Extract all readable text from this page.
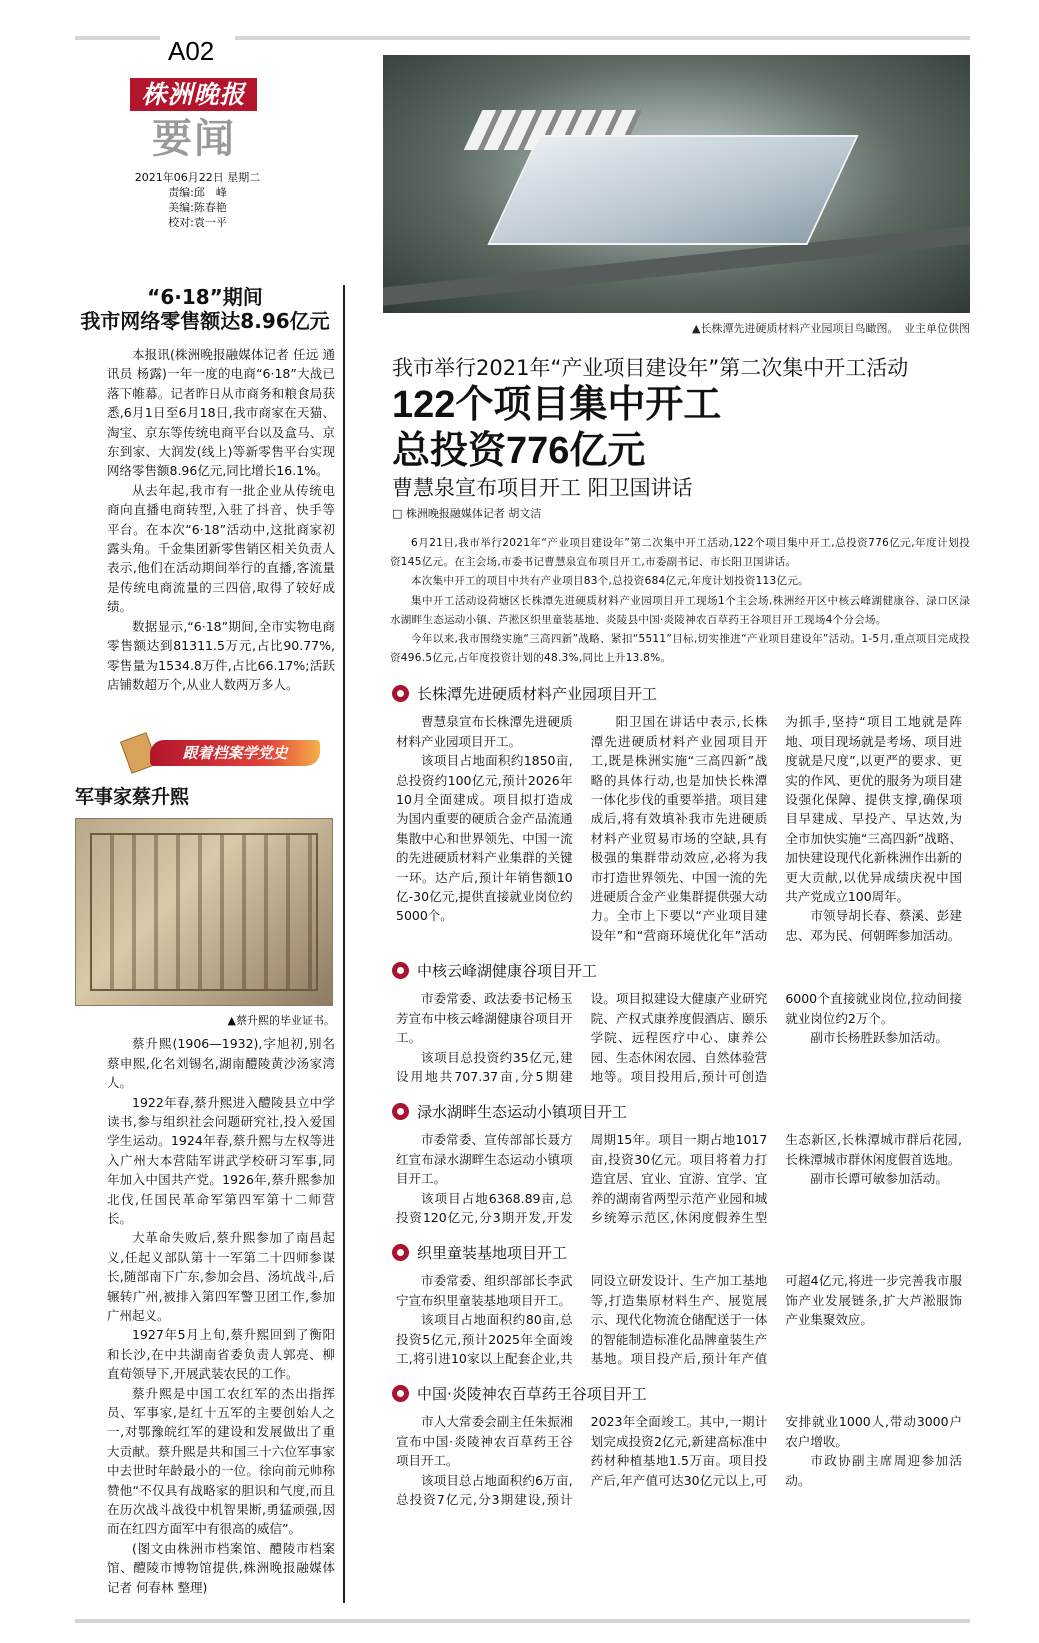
A02
株洲晚报
要闻
2021年06月22日 星期二
责编:邱　峰
美编:陈春艳
校对:袁一平
“6·18”期间
我市网络零售额达8.96亿元

本报讯(株洲晚报融媒体记者 任远 通讯员 杨露)一年一度的电商“6·18”大战已落下帷幕。记者昨日从市商务和粮食局获悉,6月1日至6月18日,我市商家在天猫、淘宝、京东等传统电商平台以及盒马、京东到家、大润发(线上)等新零售平台实现网络零售额8.96亿元,同比增长16.1%。

从去年起,我市有一批企业从传统电商向直播电商转型,入驻了抖音、快手等平台。在本次“6·18”活动中,这批商家初露头角。千金集团新零售销区相关负责人表示,他们在活动期间举行的直播,客流量是传统电商流量的三四倍,取得了较好成绩。

数据显示,“6·18”期间,全市实物电商零售额达到81311.5万元,占比90.77%,零售量为1534.8万件,占比66.17%;活跃店铺数超万个,从业人数两万多人。

跟着档案学党史
军事家蔡升熙
▲蔡升熙的毕业证书。

蔡升熙(1906—1932),字旭初,别名蔡申熙,化名刘锡名,湖南醴陵黄沙汤家湾人。

1922年春,蔡升熙进入醴陵县立中学读书,参与组织社会问题研究社,投入爱国学生运动。1924年春,蔡升熙与左权等进入广州大本营陆军讲武学校研习军事,同年加入中国共产党。1926年,蔡升熙参加北伐,任国民革命军第四军第十二师营长。

大革命失败后,蔡升熙参加了南昌起义,任起义部队第十一军第二十四师参谋长,随部南下广东,参加会昌、汤坑战斗,后辗转广州,被排入第四军警卫团工作,参加广州起义。

1927年5月上旬,蔡升熙回到了衡阳和长沙,在中共湖南省委负责人郭亮、柳直荀领导下,开展武装农民的工作。

蔡升熙是中国工农红军的杰出指挥员、军事家,是红十五军的主要创始人之一,对鄂豫皖红军的建设和发展做出了重大贡献。蔡升熙是共和国三十六位军事家中去世时年龄最小的一位。徐向前元帅称赞他“不仅具有战略家的胆识和气度,而且在历次战斗战役中机智果断,勇猛顽强,因而在红四方面军中有很高的威信”。

(图文由株洲市档案馆、醴陵市档案馆、醴陵市博物馆提供,株洲晚报融媒体记者 何春林 整理)

▲长株潭先进硬质材料产业园项目鸟瞰图。　业主单位供图
我市举行2021年“产业项目建设年”第二次集中开工活动
122个项目集中开工
总投资776亿元
曹慧泉宣布项目开工 阳卫国讲话
□ 株洲晚报融媒体记者 胡文洁

6月21日,我市举行2021年“产业项目建设年”第二次集中开工活动,122个项目集中开工,总投资776亿元,年度计划投资145亿元。在主会场,市委书记曹慧泉宣布项目开工,市委副书记、市长阳卫国讲话。

本次集中开工的项目中共有产业项目83个,总投资684亿元,年度计划投资113亿元。

集中开工活动设荷塘区长株潭先进硬质材料产业园项目开工现场1个主会场,株洲经开区中核云峰湖健康谷、渌口区渌水湖畔生态运动小镇、芦淞区织里童装基地、炎陵县中国·炎陵神农百草药王谷项目开工现场4个分会场。

今年以来,我市围绕实施“三高四新”战略、紧扣“5511”目标,切实推进“产业项目建设年”活动。1-5月,重点项目完成投资496.5亿元,占年度投资计划的48.3%,同比上升13.8%。

长株潭先进硬质材料产业园项目开工

曹慧泉宣布长株潭先进硬质材料产业园项目开工。

该项目占地面积约1850亩,总投资约100亿元,预计2026年10月全面建成。项目拟打造成为国内重要的硬质合金产品流通集散中心和世界领先、中国一流的先进硬质材料产业集群的关键一环。达产后,预计年销售额10亿-30亿元,提供直接就业岗位约5000个。

阳卫国在讲话中表示,长株潭先进硬质材料产业园项目开工,既是株洲实施“三高四新”战略的具体行动,也是加快长株潭一体化步伐的重要举措。项目建成后,将有效填补我市先进硬质材料产业贸易市场的空缺,具有极强的集群带动效应,必将为我市打造世界领先、中国一流的先进硬质合金产业集群提供强大动力。全市上下要以“产业项目建设年”和“营商环境优化年”活动为抓手,坚持“项目工地就是阵地、项目现场就是考场、项目进度就是尺度”,以更严的要求、更实的作风、更优的服务为项目建设强化保障、提供支撑,确保项目早建成、早投产、早达效,为全市加快实施“三高四新”战略、加快建设现代化新株洲作出新的更大贡献,以优异成绩庆祝中国共产党成立100周年。

市领导胡长春、蔡溪、彭建忠、邓为民、何朝晖参加活动。

中核云峰湖健康谷项目开工

市委常委、政法委书记杨玉芳宣布中核云峰湖健康谷项目开工。

该项目总投资约35亿元,建设用地共707.37亩,分5期建设。项目拟建设大健康产业研究院、产权式康养度假酒店、颐乐学院、远程医疗中心、康养公园、生态休闲农园、自然体验营地等。项目投用后,预计可创造6000个直接就业岗位,拉动间接就业岗位约2万个。

副市长杨胜跃参加活动。

渌水湖畔生态运动小镇项目开工

市委常委、宣传部部长聂方红宣布渌水湖畔生态运动小镇项目开工。

该项目占地6368.89亩,总投资120亿元,分3期开发,开发周期15年。项目一期占地1017亩,投资30亿元。项目将着力打造宜居、宜业、宜游、宜学、宜养的湖南省两型示范产业园和城乡统筹示范区,休闲度假养生型生态新区,长株潭城市群后花园,长株潭城市群休闲度假首选地。

副市长谭可敏参加活动。

织里童装基地项目开工

市委常委、组织部部长李武宁宣布织里童装基地项目开工。

该项目占地面积约80亩,总投资5亿元,预计2025年全面竣工,将引进10家以上配套企业,共同设立研发设计、生产加工基地等,打造集原材料生产、展览展示、现代化物流仓储配送于一体的智能制造标准化品牌童装生产基地。项目投产后,预计年产值可超4亿元,将进一步完善我市服饰产业发展链条,扩大芦淞服饰产业集聚效应。

中国·炎陵神农百草药王谷项目开工

市人大常委会副主任朱振湘宣布中国·炎陵神农百草药王谷项目开工。

该项目总占地面积约6万亩,总投资7亿元,分3期建设,预计2023年全面竣工。其中,一期计划完成投资2亿元,新建高标准中药材种植基地1.5万亩。项目投产后,年产值可达30亿元以上,可安排就业1000人,带动3000户农户增收。

市政协副主席周迎参加活动。
